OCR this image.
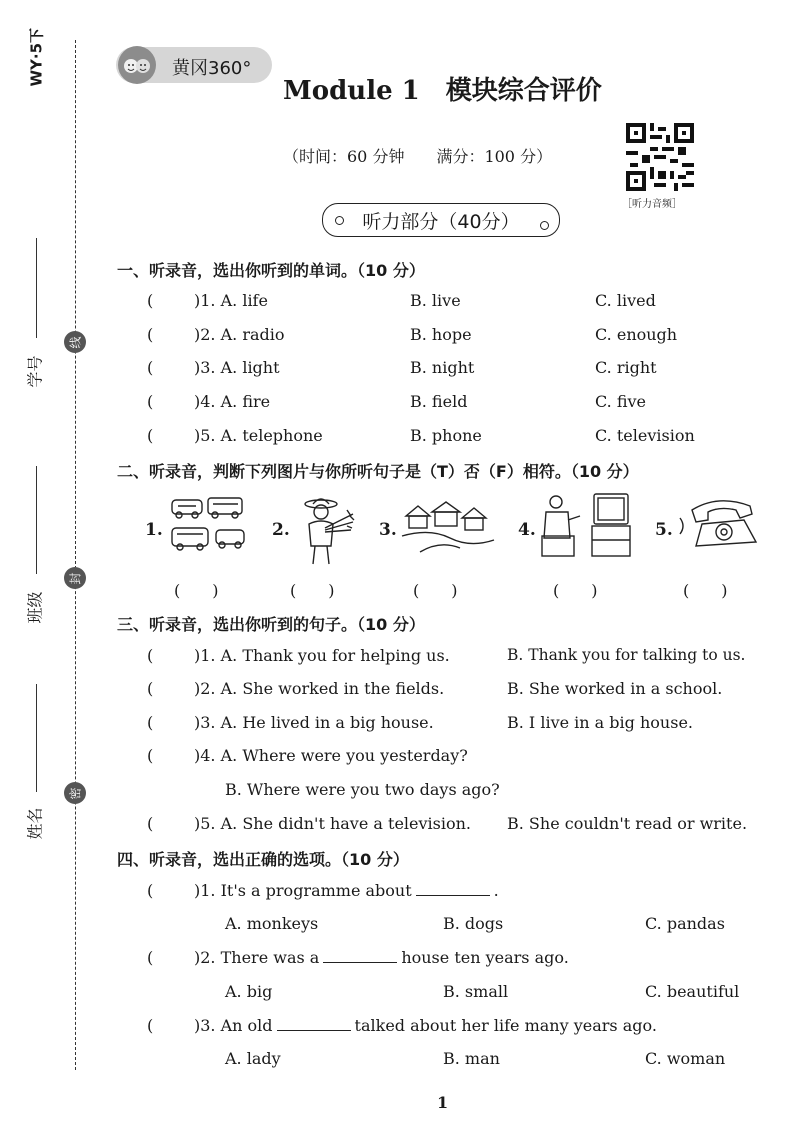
WY·5下
学号
班级
姓名
线
封
密
黄冈360°
Module 1　模块综合评价
（时间：60 分钟　　满分：100 分）
［听力音频］
听力部分（40分）
一、听录音，选出你听到的单词。（10 分）
(	)1. A. life	B. live	C. lived
(	)2. A. radio	B. hope	C. enough
(	)3. A. light	B. night	C. right
(	)4. A. fire	B. field	C. five
(	)5. A. telephone	B. phone	C. television
二、听录音，判断下列图片与你所听句子是（T）否（F）相符。（10 分）
1.	2.	3.	4.	5.
(　　)	(　　)	(　　)	(　　)	(　　)
三、听录音，选出你听到的句子。（10 分）
(	)1. A. Thank you for helping us.	B. Thank you for talking to us.
(	)2. A. She worked in the fields.	B. She worked in a school.
(	)3. A. He lived in a big house.	B. I live in a big house.
(	)4. A. Where were you yesterday?
B. Where were you two days ago?
(	)5. A. She didn't have a television. B. She couldn't read or write.
四、听录音，选出正确的选项。（10 分）
(	)1. It's a programme about	.
A. monkeys	B. dogs	C. pandas
(	)2. There was a	house ten years ago.
A. big	B. small	C. beautiful
(	)3. An old	talked about her life many years ago.
A. lady	B. man	C. woman
1
